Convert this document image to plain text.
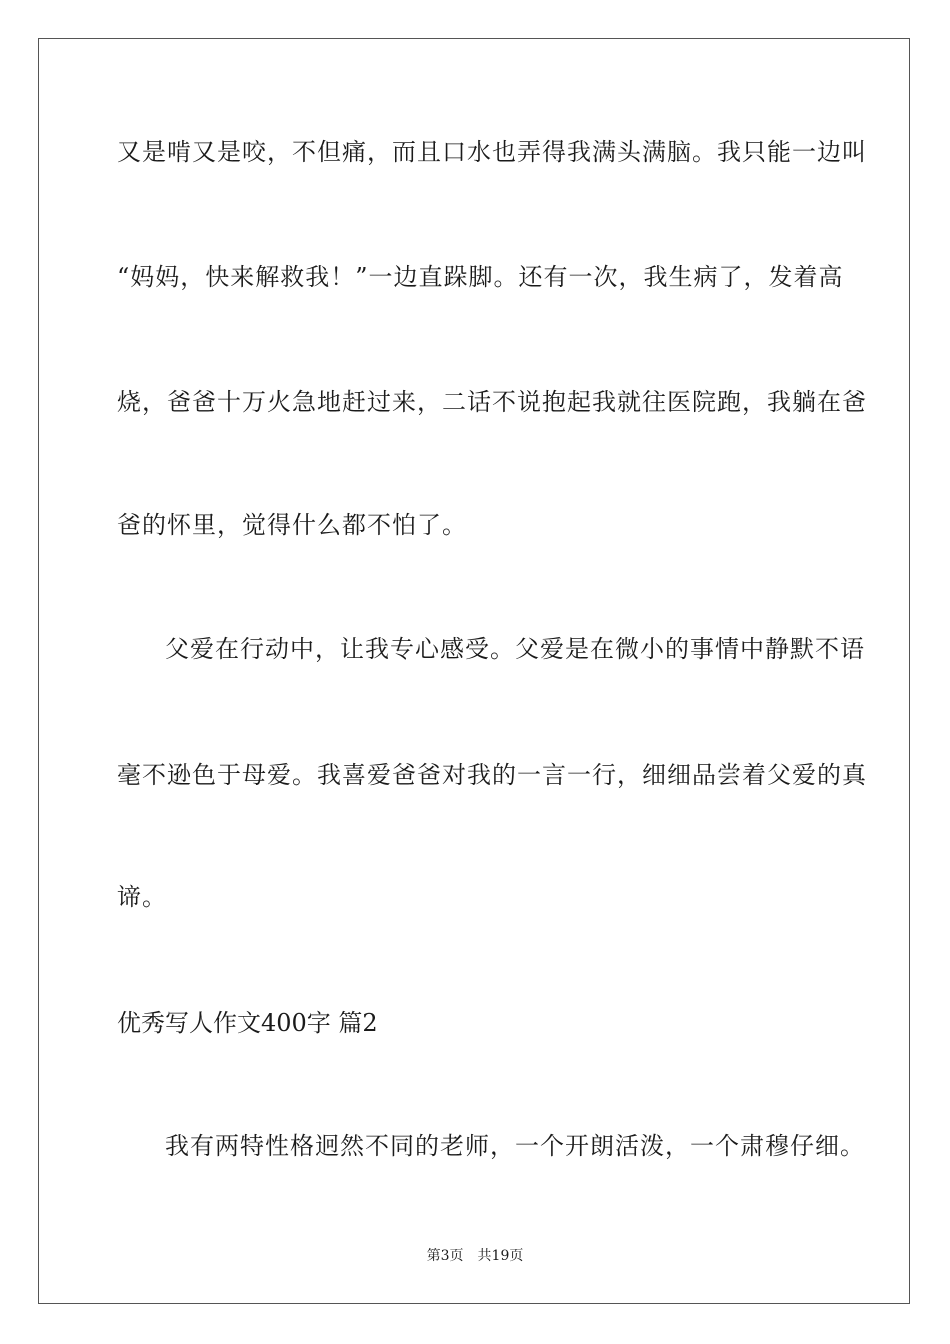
又是啃又是咬，不但痛，而且口水也弄得我满头满脑。我只能一边叫
“妈妈，快来解救我！”一边直跺脚。还有一次，我生病了，发着高
烧，爸爸十万火急地赶过来，二话不说抱起我就往医院跑，我躺在爸
爸的怀里，觉得什么都不怕了。
父爱在行动中，让我专心感受。父爱是在微小的事情中静默不语
毫不逊色于母爱。我喜爱爸爸对我的一言一行，细细品尝着父爱的真
谛。
优秀写人作文400字 篇2
我有两特性格迥然不同的老师，一个开朗活泼，一个肃穆仔细。
第3页 共19页
